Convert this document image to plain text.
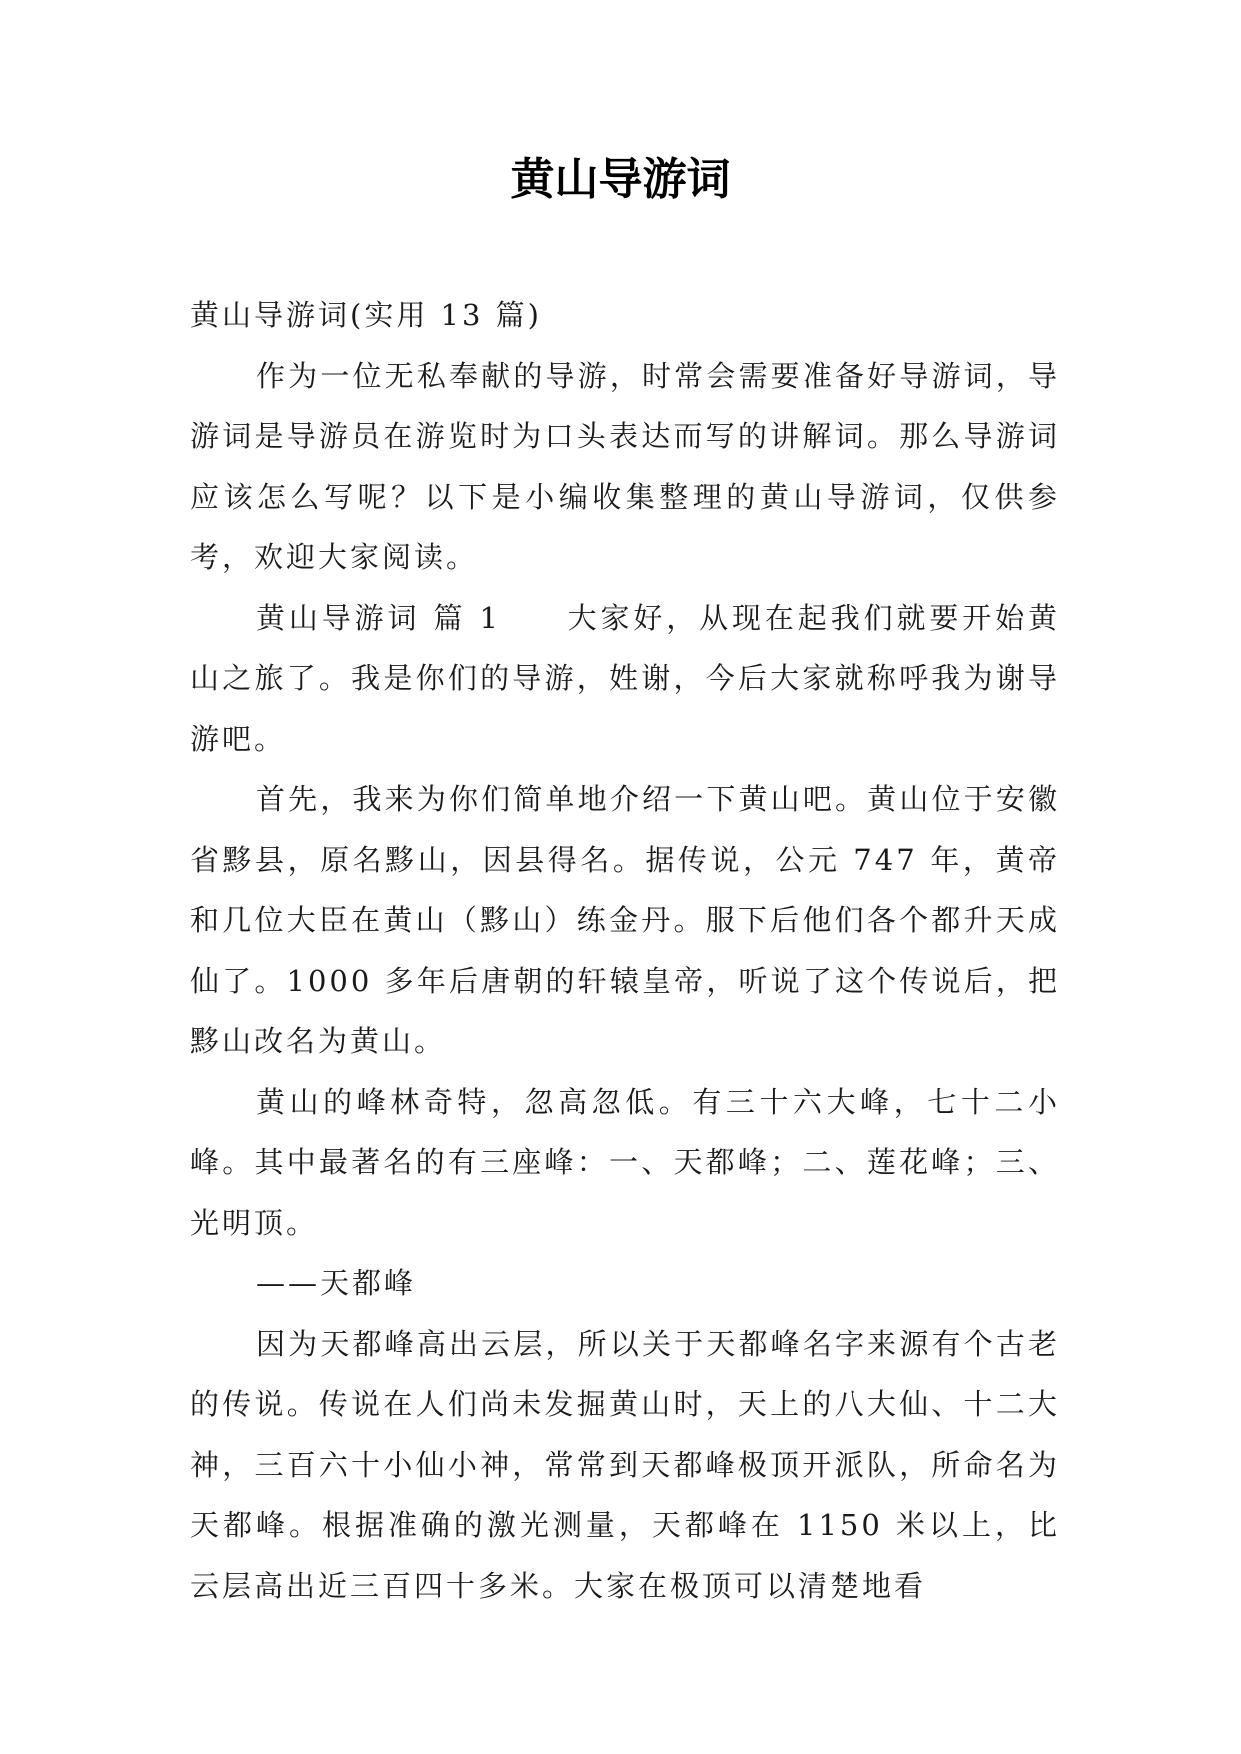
黄山导游词

黄山导游词(实用 13 篇)

作为一位无私奉献的导游，时常会需要准备好导游词，导游词是导游员在游览时为口头表达而写的讲解词。那么导游词应该怎么写呢？以下是小编收集整理的黄山导游词，仅供参考，欢迎大家阅读。

黄山导游词 篇 1　　大家好，从现在起我们就要开始黄山之旅了。我是你们的导游，姓谢，今后大家就称呼我为谢导游吧。

首先，我来为你们简单地介绍一下黄山吧。黄山位于安徽省黟县，原名黟山，因县得名。据传说，公元 747 年，黄帝和几位大臣在黄山（黟山）练金丹。服下后他们各个都升天成仙了。1000 多年后唐朝的轩辕皇帝，听说了这个传说后，把黟山改名为黄山。

黄山的峰林奇特，忽高忽低。有三十六大峰，七十二小峰。其中最著名的有三座峰：一、天都峰；二、莲花峰；三、光明顶。

——天都峰

因为天都峰高出云层，所以关于天都峰名字来源有个古老的传说。传说在人们尚未发掘黄山时，天上的八大仙、十二大神，三百六十小仙小神，常常到天都峰极顶开派队，所命名为天都峰。根据准确的激光测量，天都峰在 1150 米以上，比云层高出近三百四十多米。大家在极顶可以清楚地看
